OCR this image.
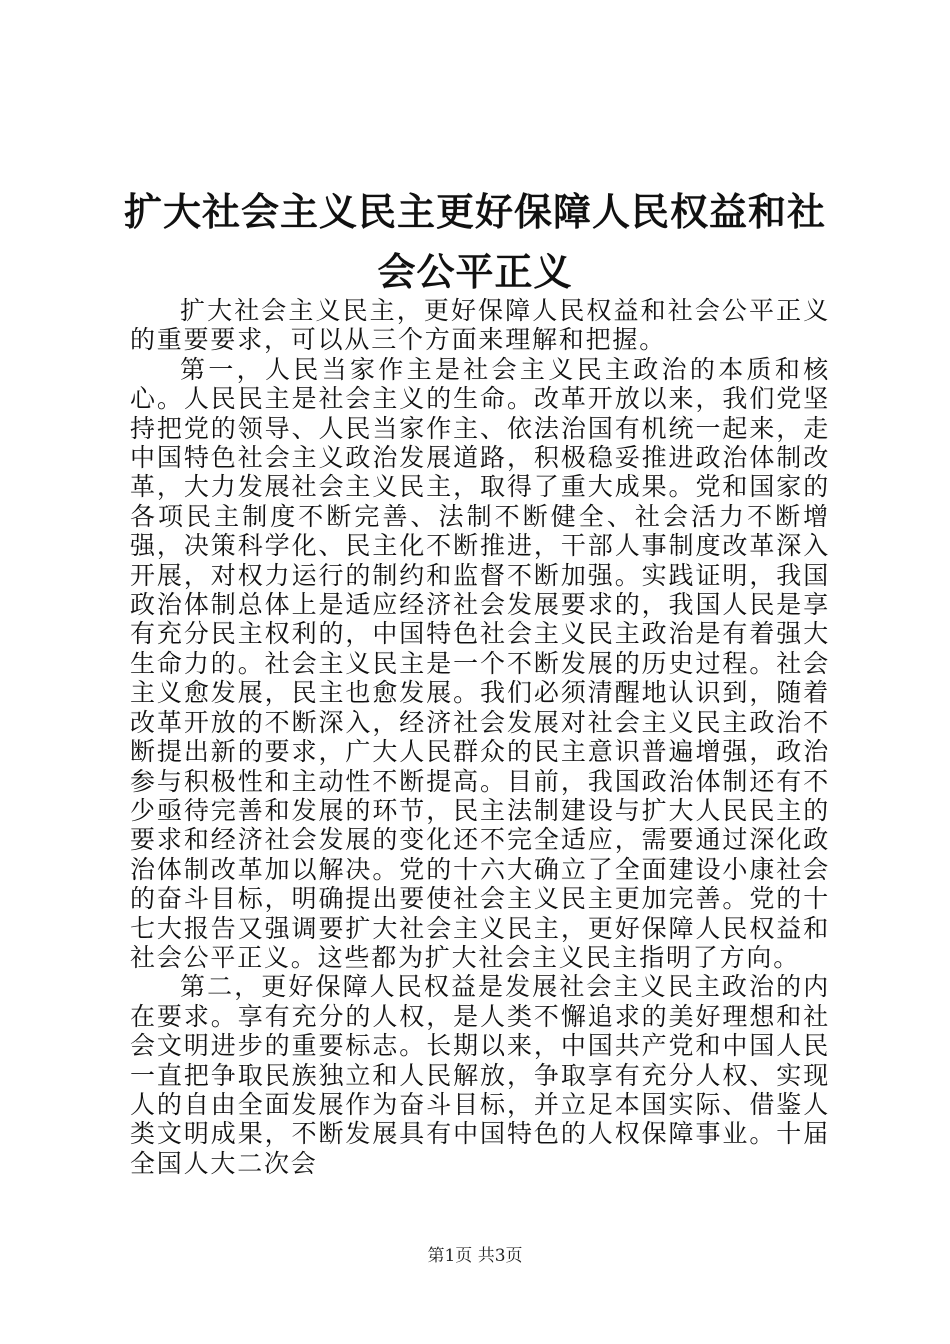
扩大社会主义民主更好保障人民权益和社会公平正义

扩大社会主义民主，更好保障人民权益和社会公平正义的重要要求，可以从三个方面来理解和把握。

第一，人民当家作主是社会主义民主政治的本质和核心。人民民主是社会主义的生命。改革开放以来，我们党坚持把党的领导、人民当家作主、依法治国有机统一起来，走中国特色社会主义政治发展道路，积极稳妥推进政治体制改革，大力发展社会主义民主，取得了重大成果。党和国家的各项民主制度不断完善、法制不断健全、社会活力不断增强，决策科学化、民主化不断推进，干部人事制度改革深入开展，对权力运行的制约和监督不断加强。实践证明，我国政治体制总体上是适应经济社会发展要求的，我国人民是享有充分民主权利的，中国特色社会主义民主政治是有着强大生命力的。社会主义民主是一个不断发展的历史过程。社会主义愈发展，民主也愈发展。我们必须清醒地认识到，随着改革开放的不断深入，经济社会发展对社会主义民主政治不断提出新的要求，广大人民群众的民主意识普遍增强，政治参与积极性和主动性不断提高。目前，我国政治体制还有不少亟待完善和发展的环节，民主法制建设与扩大人民民主的要求和经济社会发展的变化还不完全适应，需要通过深化政治体制改革加以解决。党的十六大确立了全面建设小康社会的奋斗目标，明确提出要使社会主义民主更加完善。党的十七大报告又强调要扩大社会主义民主，更好保障人民权益和社会公平正义。这些都为扩大社会主义民主指明了方向。

第二，更好保障人民权益是发展社会主义民主政治的内在要求。享有充分的人权，是人类不懈追求的美好理想和社会文明进步的重要标志。长期以来，中国共产党和中国人民一直把争取民族独立和人民解放，争取享有充分人权、实现人的自由全面发展作为奋斗目标，并立足本国实际、借鉴人类文明成果，不断发展具有中国特色的人权保障事业。十届全国人大二次会

第1页 共3页
